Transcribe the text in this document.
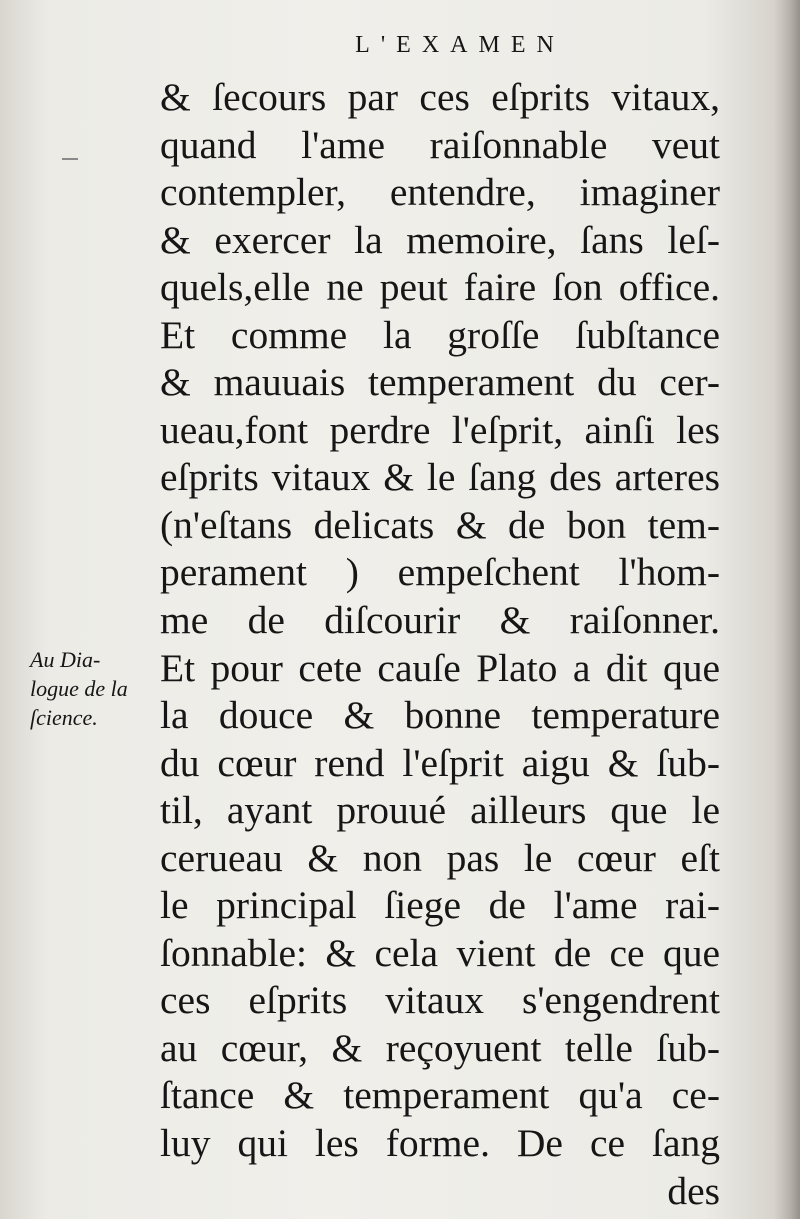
L'EXAMEN
Au Dia-
logue de la
ſcience.
& ſecours par ces eſprits vitaux,
quand l'ame raiſonnable veut
contempler, entendre, imaginer
& exercer la memoire, ſans leſ-
quels,elle ne peut faire ſon office.
Et comme la groſſe ſubſtance
& mauuais temperament du cer-
ueau,font perdre l'eſprit, ainſi les
eſprits vitaux & le ſang des arteres
(n'eſtans delicats & de bon tem-
perament ) empeſchent l'hom-
me de diſcourir & raiſonner.
Et pour cete cauſe Plato a dit que
la douce & bonne temperature
du cœur rend l'eſprit aigu & ſub-
til, ayant prouué ailleurs que le
cerueau & non pas le cœur eſt
le principal ſiege de l'ame rai-
ſonnable: & cela vient de ce que
ces eſprits vitaux s'engendrent
au cœur, & reçoyuent telle ſub-
ſtance & temperament qu'a ce-
luy qui les forme. De ce ſang
des
